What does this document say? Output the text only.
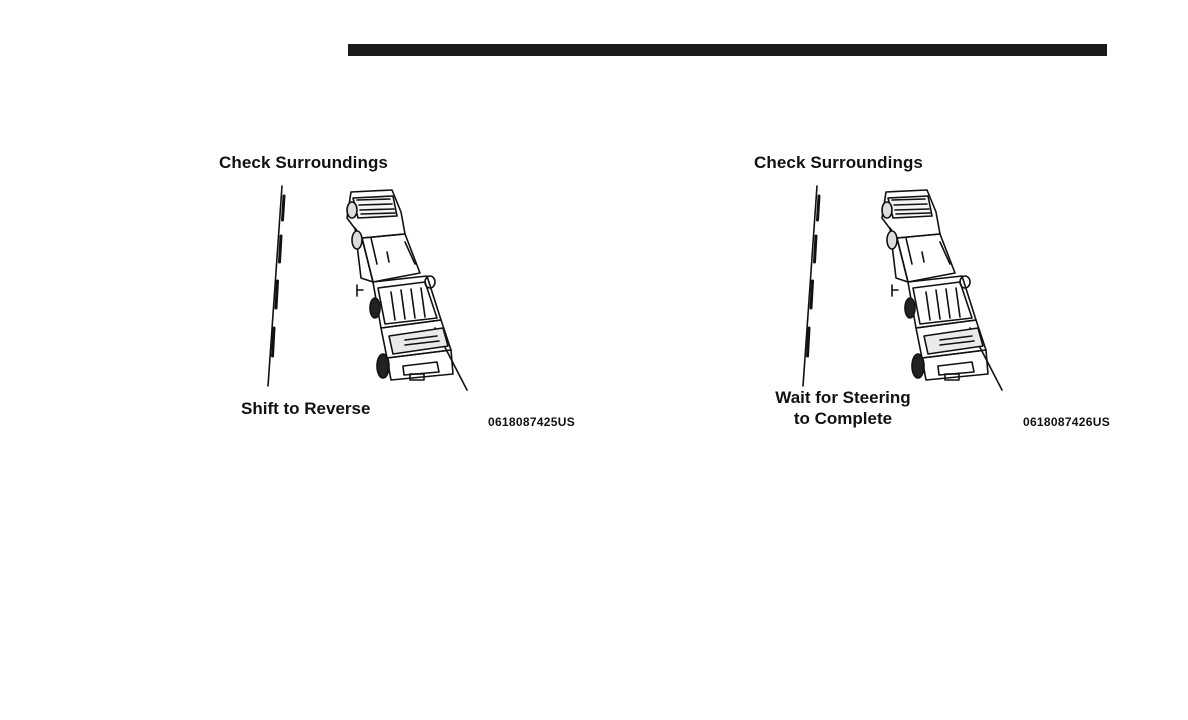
Check Surroundings
Shift to Reverse
0618087425US
Check Surroundings
Wait for Steering
to Complete	0618087426US
